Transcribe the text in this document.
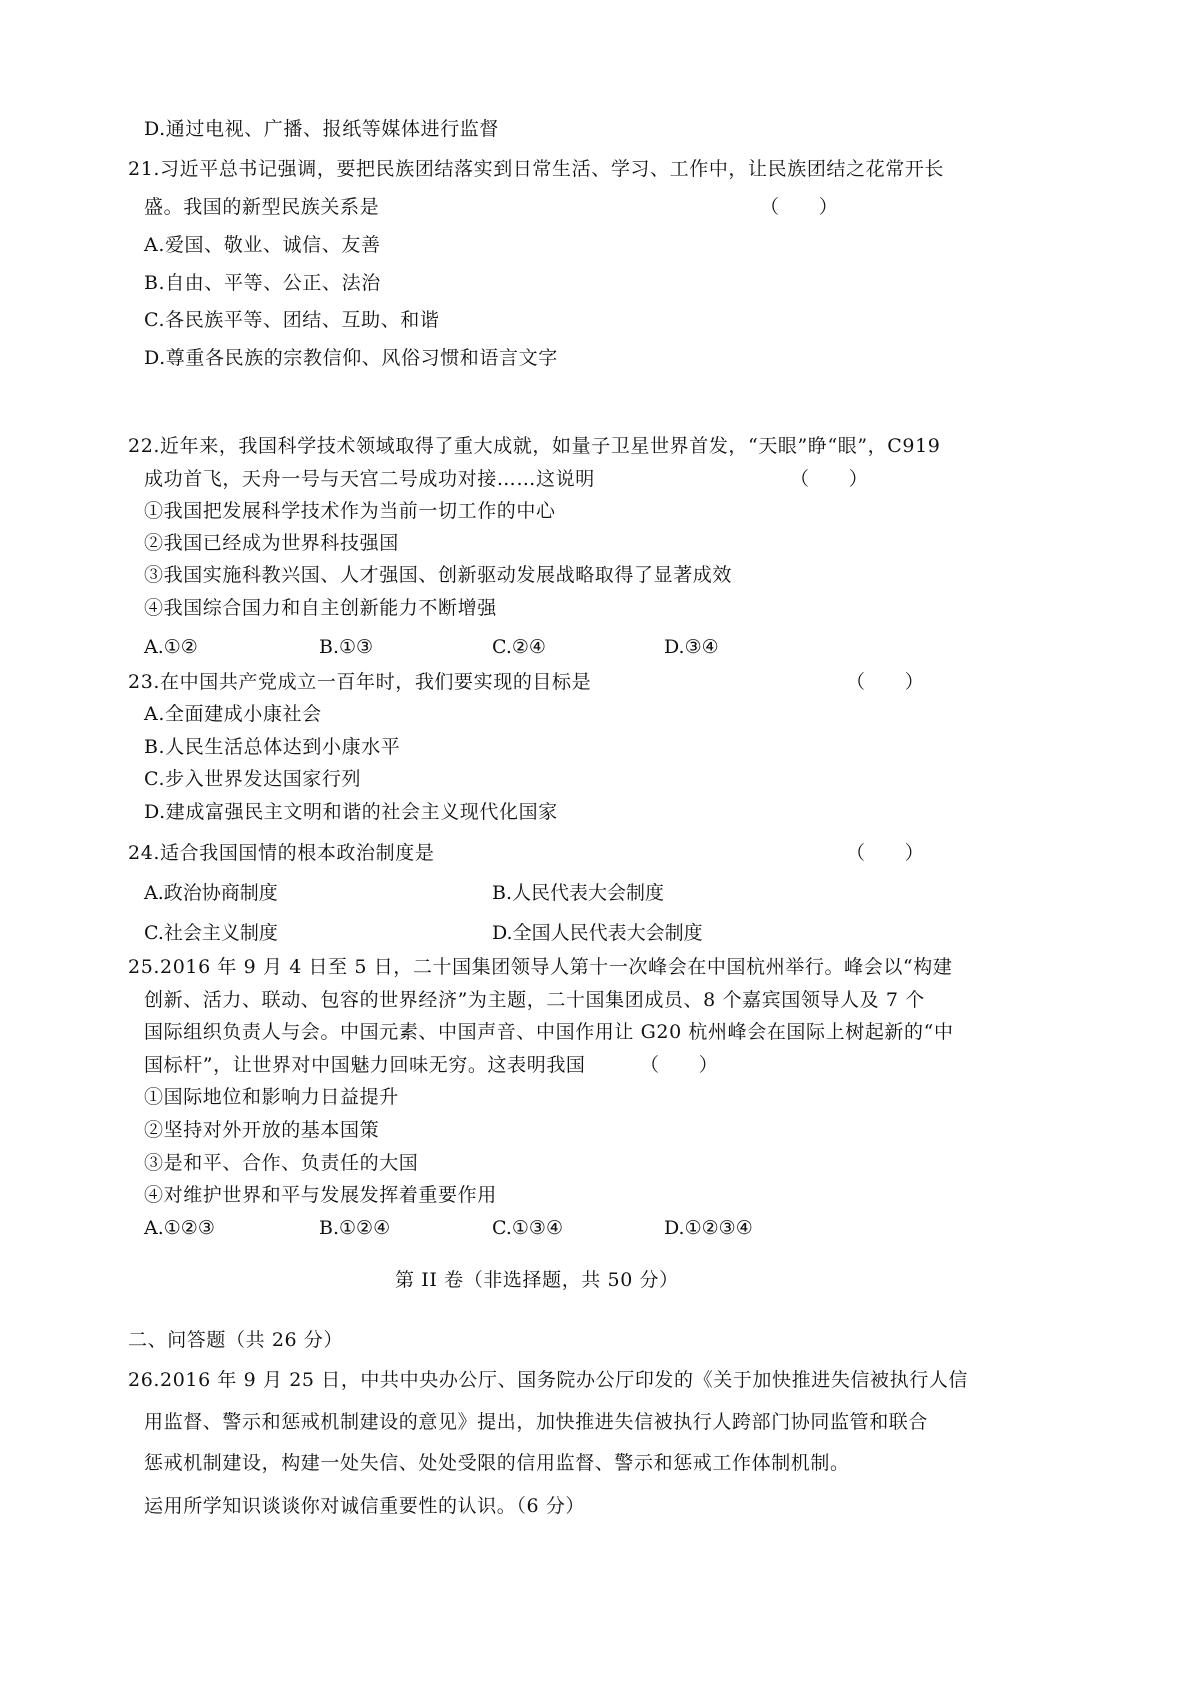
D.通过电视、广播、报纸等媒体进行监督
21.习近平总书记强调，要把民族团结落实到日常生活、学习、工作中，让民族团结之花常开长
盛。我国的新型民族关系是	（　　）
A.爱国、敬业、诚信、友善
B.自由、平等、公正、法治
C.各民族平等、团结、互助、和谐
D.尊重各民族的宗教信仰、风俗习惯和语言文字
22.近年来，我国科学技术领域取得了重大成就，如量子卫星世界首发，“天眼”睁“眼”，C919
成功首飞，天舟一号与天宫二号成功对接……这说明	（　　）
①我国把发展科学技术作为当前一切工作的中心
②我国已经成为世界科技强国
③我国实施科教兴国、人才强国、创新驱动发展战略取得了显著成效
④我国综合国力和自主创新能力不断增强
A.①②	B.①③	C.②④	D.③④
23.在中国共产党成立一百年时，我们要实现的目标是	（　　）
A.全面建成小康社会
B.人民生活总体达到小康水平
C.步入世界发达国家行列
D.建成富强民主文明和谐的社会主义现代化国家
24.适合我国国情的根本政治制度是	（　　）
A.政治协商制度	B.人民代表大会制度
C.社会主义制度	D.全国人民代表大会制度
25.2016 年 9 月 4 日至 5 日，二十国集团领导人第十一次峰会在中国杭州举行。峰会以“构建
创新、活力、联动、包容的世界经济”为主题，二十国集团成员、8 个嘉宾国领导人及 7 个
国际组织负责人与会。中国元素、中国声音、中国作用让 G20 杭州峰会在国际上树起新的“中
国标杆”，让世界对中国魅力回味无穷。这表明我国	（　　）
①国际地位和影响力日益提升
②坚持对外开放的基本国策
③是和平、合作、负责任的大国
④对维护世界和平与发展发挥着重要作用
A.①②③	B.①②④	C.①③④	D.①②③④
第 II 卷（非选择题，共 50 分）
二、问答题（共 26 分）
26.2016 年 9 月 25 日，中共中央办公厅、国务院办公厅印发的《关于加快推进失信被执行人信
用监督、警示和惩戒机制建设的意见》提出，加快推进失信被执行人跨部门协同监管和联合
惩戒机制建设，构建一处失信、处处受限的信用监督、警示和惩戒工作体制机制。
运用所学知识谈谈你对诚信重要性的认识。（6 分）
